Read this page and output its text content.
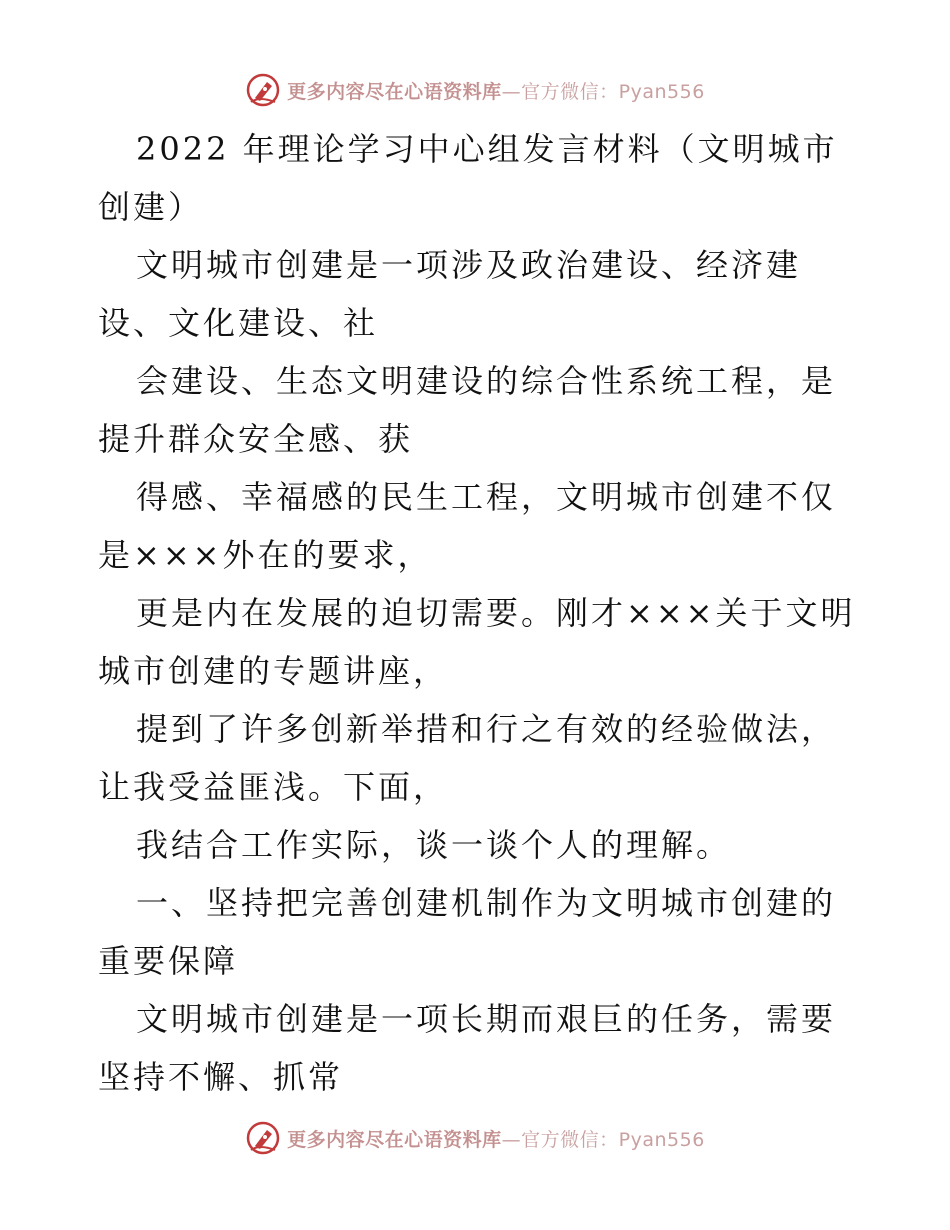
更多内容尽在心语资料库—官方微信：Pyan556

2022 年理论学习中心组发言材料（文明城市创建）

文明城市创建是一项涉及政治建设、经济建设、文化建设、社

会建设、生态文明建设的综合性系统工程，是提升群众安全感、获

得感、幸福感的民生工程，文明城市创建不仅是×××外在的要求，

更是内在发展的迫切需要。刚才×××关于文明城市创建的专题讲座，

提到了许多创新举措和行之有效的经验做法，让我受益匪浅。下面，

我结合工作实际，谈一谈个人的理解。

一、坚持把完善创建机制作为文明城市创建的重要保障

文明城市创建是一项长期而艰巨的任务，需要坚持不懈、抓常

更多内容尽在心语资料库—官方微信：Pyan556
